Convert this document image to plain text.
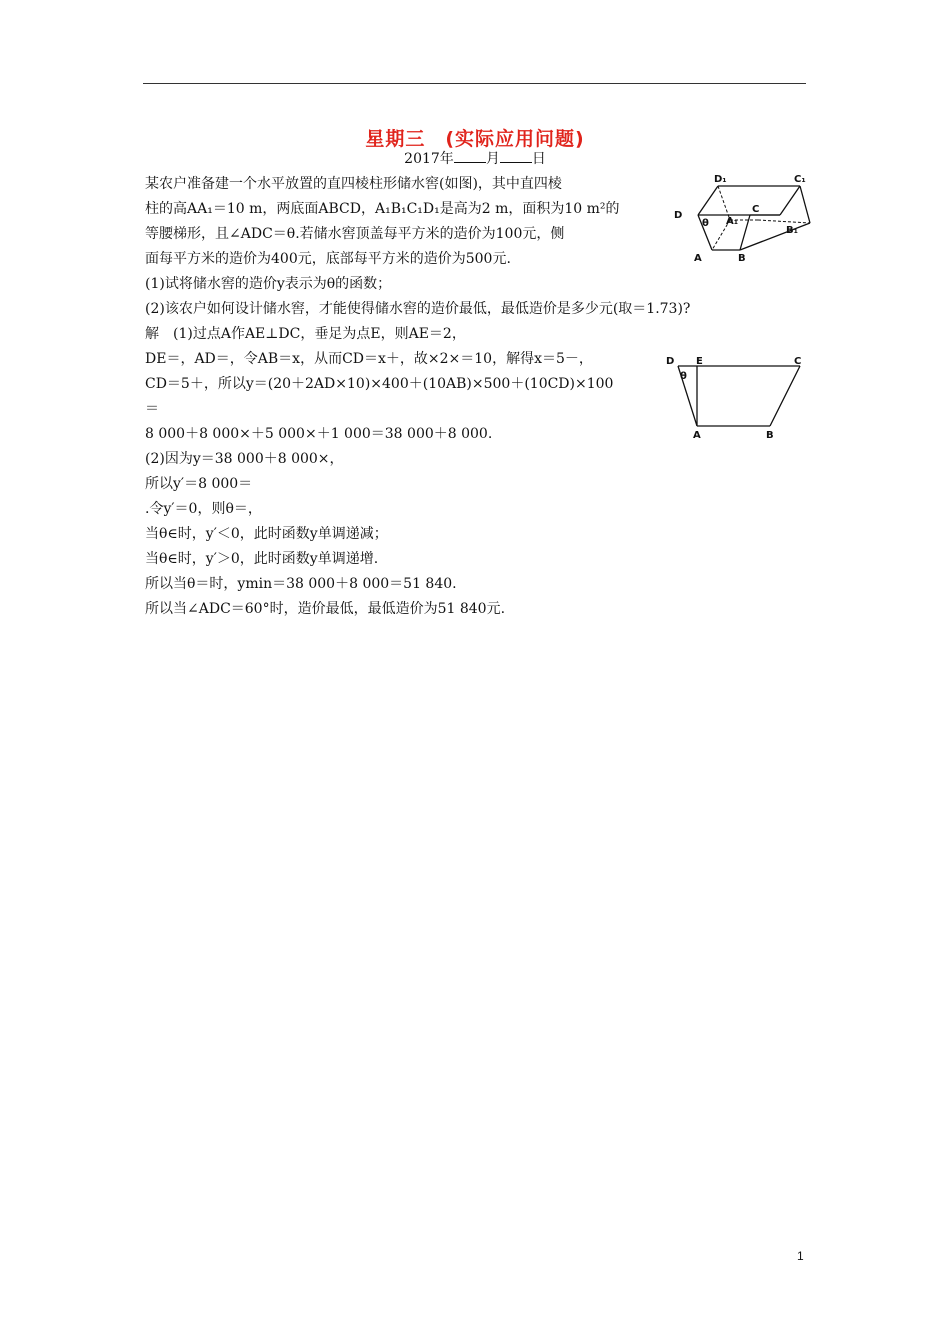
星期三　(实际应用问题)
2017年 月 日
某农户准备建一个水平放置的直四棱柱形储水窖(如图)，其中直四棱
柱的高AA₁＝10 m，两底面ABCD，A₁B₁C₁D₁是高为2 m，面积为10 m²的
等腰梯形，且∠ADC＝θ.若储水窖顶盖每平方米的造价为100元，侧
面每平方米的造价为400元，底部每平方米的造价为500元.
(1)试将储水窖的造价y表示为θ的函数；
(2)该农户如何设计储水窖，才能使得储水窖的造价最低，最低造价是多少元(取＝1.73)?
解　(1)过点A作AE⊥DC，垂足为点E，则AE＝2，
DE＝，AD＝，令AB＝x，从而CD＝x＋，故×2×＝10，解得x＝5－，
CD＝5＋，所以y＝(20＋2AD×10)×400＋(10AB)×500＋(10CD)×100
＝
8 000＋8 000×＋5 000×＋1 000＝38 000＋8 000.
(2)因为y＝38 000＋8 000×，
所以y′＝8 000＝
.令y′＝0，则θ＝，
当θ∈时，y′＜0，此时函数y单调递减；
当θ∈时，y′＞0，此时函数y单调递增.
所以当θ＝时，ymin＝38 000＋8 000＝51 840.
所以当∠ADC＝60°时，造价最低，最低造价为51 840元.
D₁	C₁
D
θ A₁
C
B₁
A	B
D E	C
θ
A	B
1
